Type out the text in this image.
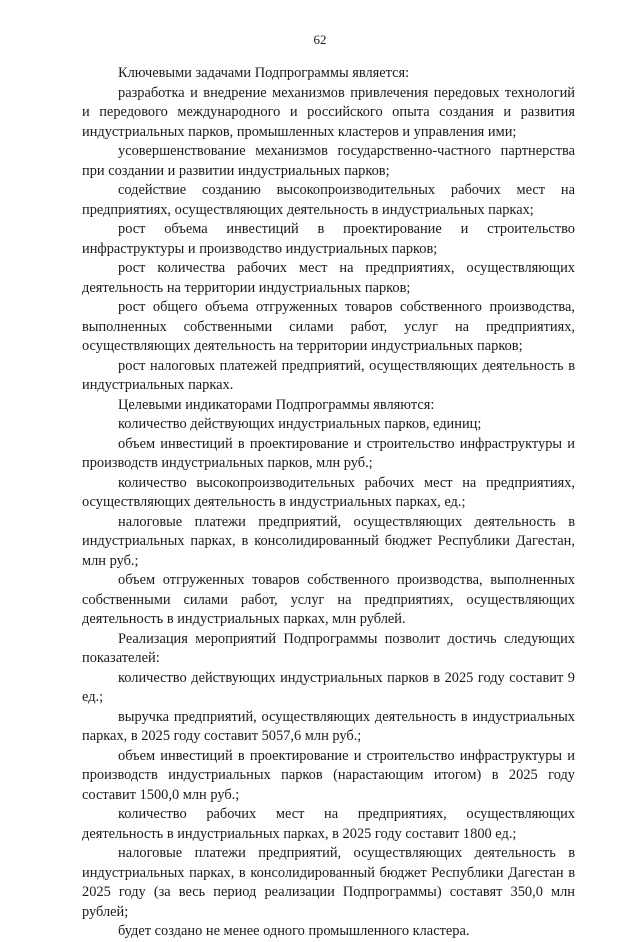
62

Ключевыми задачами Подпрограммы является:

разработка и внедрение механизмов привлечения передовых технологий и передового международного и российского опыта создания и развития индустриальных парков, промышленных кластеров и управления ими;

усовершенствование механизмов государственно-частного партнерства при создании и развитии индустриальных парков;

содействие созданию высокопроизводительных рабочих мест на предприятиях, осуществляющих деятельность в индустриальных парках;

рост объема инвестиций в проектирование и строительство инфраструктуры и производство индустриальных парков;

рост количества рабочих мест на предприятиях, осуществляющих деятельность на территории индустриальных парков;

рост общего объема отгруженных товаров собственного производства, выполненных собственными силами работ, услуг на предприятиях, осуществляющих деятельность на территории индустриальных парков;

рост налоговых платежей предприятий, осуществляющих деятельность в индустриальных парках.

Целевыми индикаторами Подпрограммы являются:

количество действующих индустриальных парков, единиц;

объем инвестиций в проектирование и строительство инфраструктуры и производств индустриальных парков, млн руб.;

количество высокопроизводительных рабочих мест на предприятиях, осуществляющих деятельность в индустриальных парках, ед.;

налоговые платежи предприятий, осуществляющих деятельность в индустриальных парках, в консолидированный бюджет Республики Дагестан, млн руб.;

объем отгруженных товаров собственного производства, выполненных собственными силами работ, услуг на предприятиях, осуществляющих деятельность в индустриальных парках, млн рублей.

Реализация мероприятий Подпрограммы позволит достичь следующих показателей:

количество действующих индустриальных парков в 2025 году составит 9 ед.;

выручка предприятий, осуществляющих деятельность в индустриальных парках, в 2025 году составит 5057,6 млн руб.;

объем инвестиций в проектирование и строительство инфраструктуры и производств индустриальных парков (нарастающим итогом) в 2025 году составит 1500,0 млн руб.;

количество рабочих мест на предприятиях, осуществляющих деятельность в индустриальных парках, в 2025 году составит 1800 ед.;

налоговые платежи предприятий, осуществляющих деятельность в индустриальных парках, в консолидированный бюджет Республики Дагестан в 2025 году (за весь период реализации Подпрограммы) составят 350,0 млн рублей;

будет создано не менее одного промышленного кластера.
